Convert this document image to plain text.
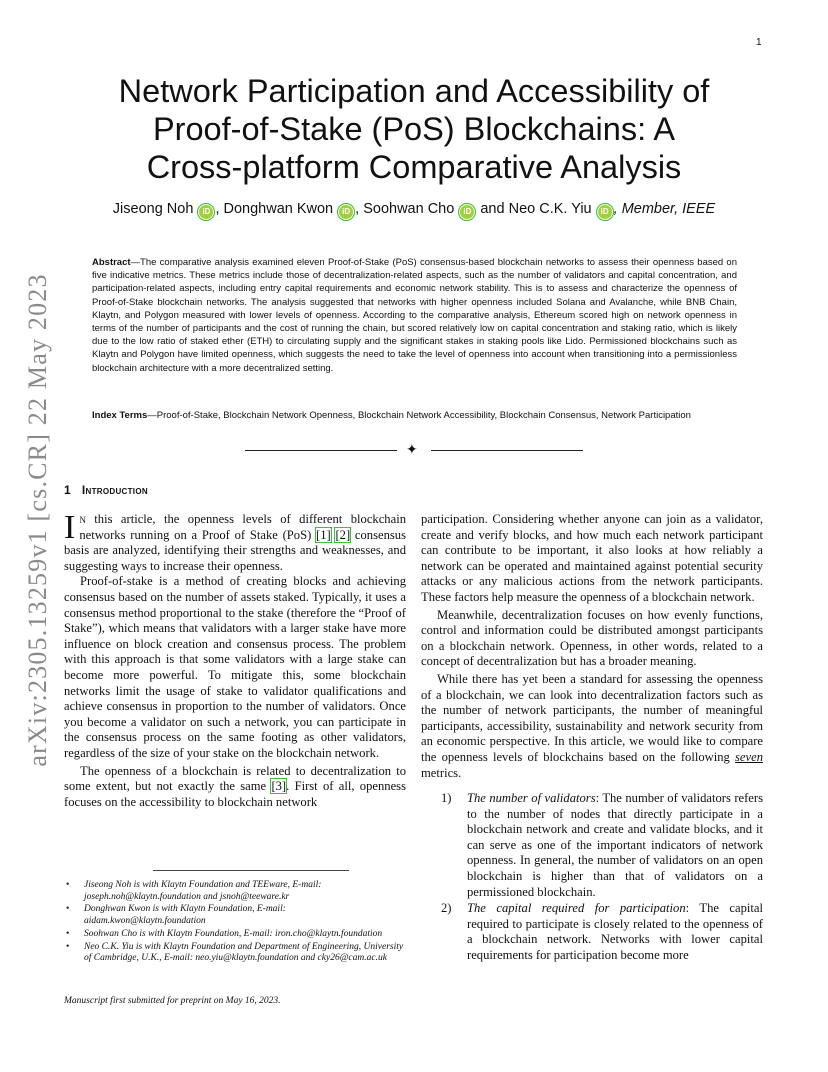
1
arXiv:2305.13259v1 [cs.CR] 22 May 2023
Network Participation and Accessibility of
Proof-of-Stake (PoS) Blockchains: A
Cross-platform Comparative Analysis
Jiseong Noh iD , Donghwan Kwon iD , Soohwan Cho iD and Neo C.K. Yiu iD , Member, IEEE
Abstract—The comparative analysis examined eleven Proof-of-Stake (PoS) consensus-based blockchain networks to assess their openness based on five indicative metrics. These metrics include those of decentralization-related aspects, such as the number of validators and capital concentration, and participation-related aspects, including entry capital requirements and economic network stability. This is to assess and characterize the openness of Proof-of-Stake blockchain networks. The analysis suggested that networks with higher openness included Solana and Avalanche, while BNB Chain, Klaytn, and Polygon measured with lower levels of openness. According to the comparative analysis, Ethereum scored high on network openness in terms of the number of participants and the cost of running the chain, but scored relatively low on capital concentration and staking ratio, which is likely due to the low ratio of staked ether (ETH) to circulating supply and the significant stakes in staking pools like Lido. Permissioned blockchains such as Klaytn and Polygon have limited openness, which suggests the need to take the level of openness into account when transitioning into a permissionless blockchain architecture with a more decentralized setting.
Index Terms—Proof-of-Stake, Blockchain Network Openness, Blockchain Network Accessibility, Blockchain Consensus, Network Participation
✦
1 Introduction

In this article, the openness levels of different blockchain networks running on a Proof of Stake (PoS) [1] [2] consensus basis are analyzed, identifying their strengths and weaknesses, and suggesting ways to increase their openness.

Proof-of-stake is a method of creating blocks and achieving consensus based on the number of assets staked. Typically, it uses a consensus method proportional to the stake (therefore the “Proof of Stake”), which means that validators with a larger stake have more influence on block creation and consensus process. The problem with this approach is that some validators with a large stake can become more powerful. To mitigate this, some blockchain networks limit the usage of stake to validator qualifications and achieve consensus in proportion to the number of validators. Once you become a validator on such a network, you can participate in the consensus process on the same footing as other validators, regardless of the size of your stake on the blockchain network.

The openness of a blockchain is related to decentralization to some extent, but not exactly the same [3]. First of all, openness focuses on the accessibility to blockchain network

participation. Considering whether anyone can join as a validator, create and verify blocks, and how much each network participant can contribute to be important, it also looks at how reliably a network can be operated and maintained against potential security attacks or any malicious actions from the network participants. These factors help measure the openness of a blockchain network.

Meanwhile, decentralization focuses on how evenly functions, control and information could be distributed amongst participants on a blockchain network. Openness, in other words, related to a concept of decentralization but has a broader meaning.

While there has yet been a standard for assessing the openness of a blockchain, we can look into decentralization factors such as the number of network participants, the number of meaningful participants, accessibility, sustainability and network security from an economic perspective. In this article, we would like to compare the openness levels of blockchains based on the following seven metrics.

1) The number of validators: The number of validators refers to the number of nodes that directly participate in a blockchain network and create and validate blocks, and it can serve as one of the important indicators of network openness. In general, the number of validators on an open blockchain is higher than that of validators on a permissioned blockchain.
2) The capital required for participation: The capital required to participate is closely related to the openness of a blockchain network. Networks with lower capital requirements for participation become more
• Jiseong Noh is with Klaytn Foundation and TEEware, E-mail: joseph.noh@klaytn.foundation and jsnoh@teeware.kr
• Donghwan Kwon is with Klaytn Foundation, E-mail: aidam.kwon@klaytn.foundation
• Soohwan Cho is with Klaytn Foundation, E-mail: iron.cho@klaytn.foundation
• Neo C.K. Yiu is with Klaytn Foundation and Department of Engineering, University of Cambridge, U.K., E-mail: neo.yiu@klaytn.foundation and cky26@cam.ac.uk
Manuscript first submitted for preprint on May 16, 2023.
